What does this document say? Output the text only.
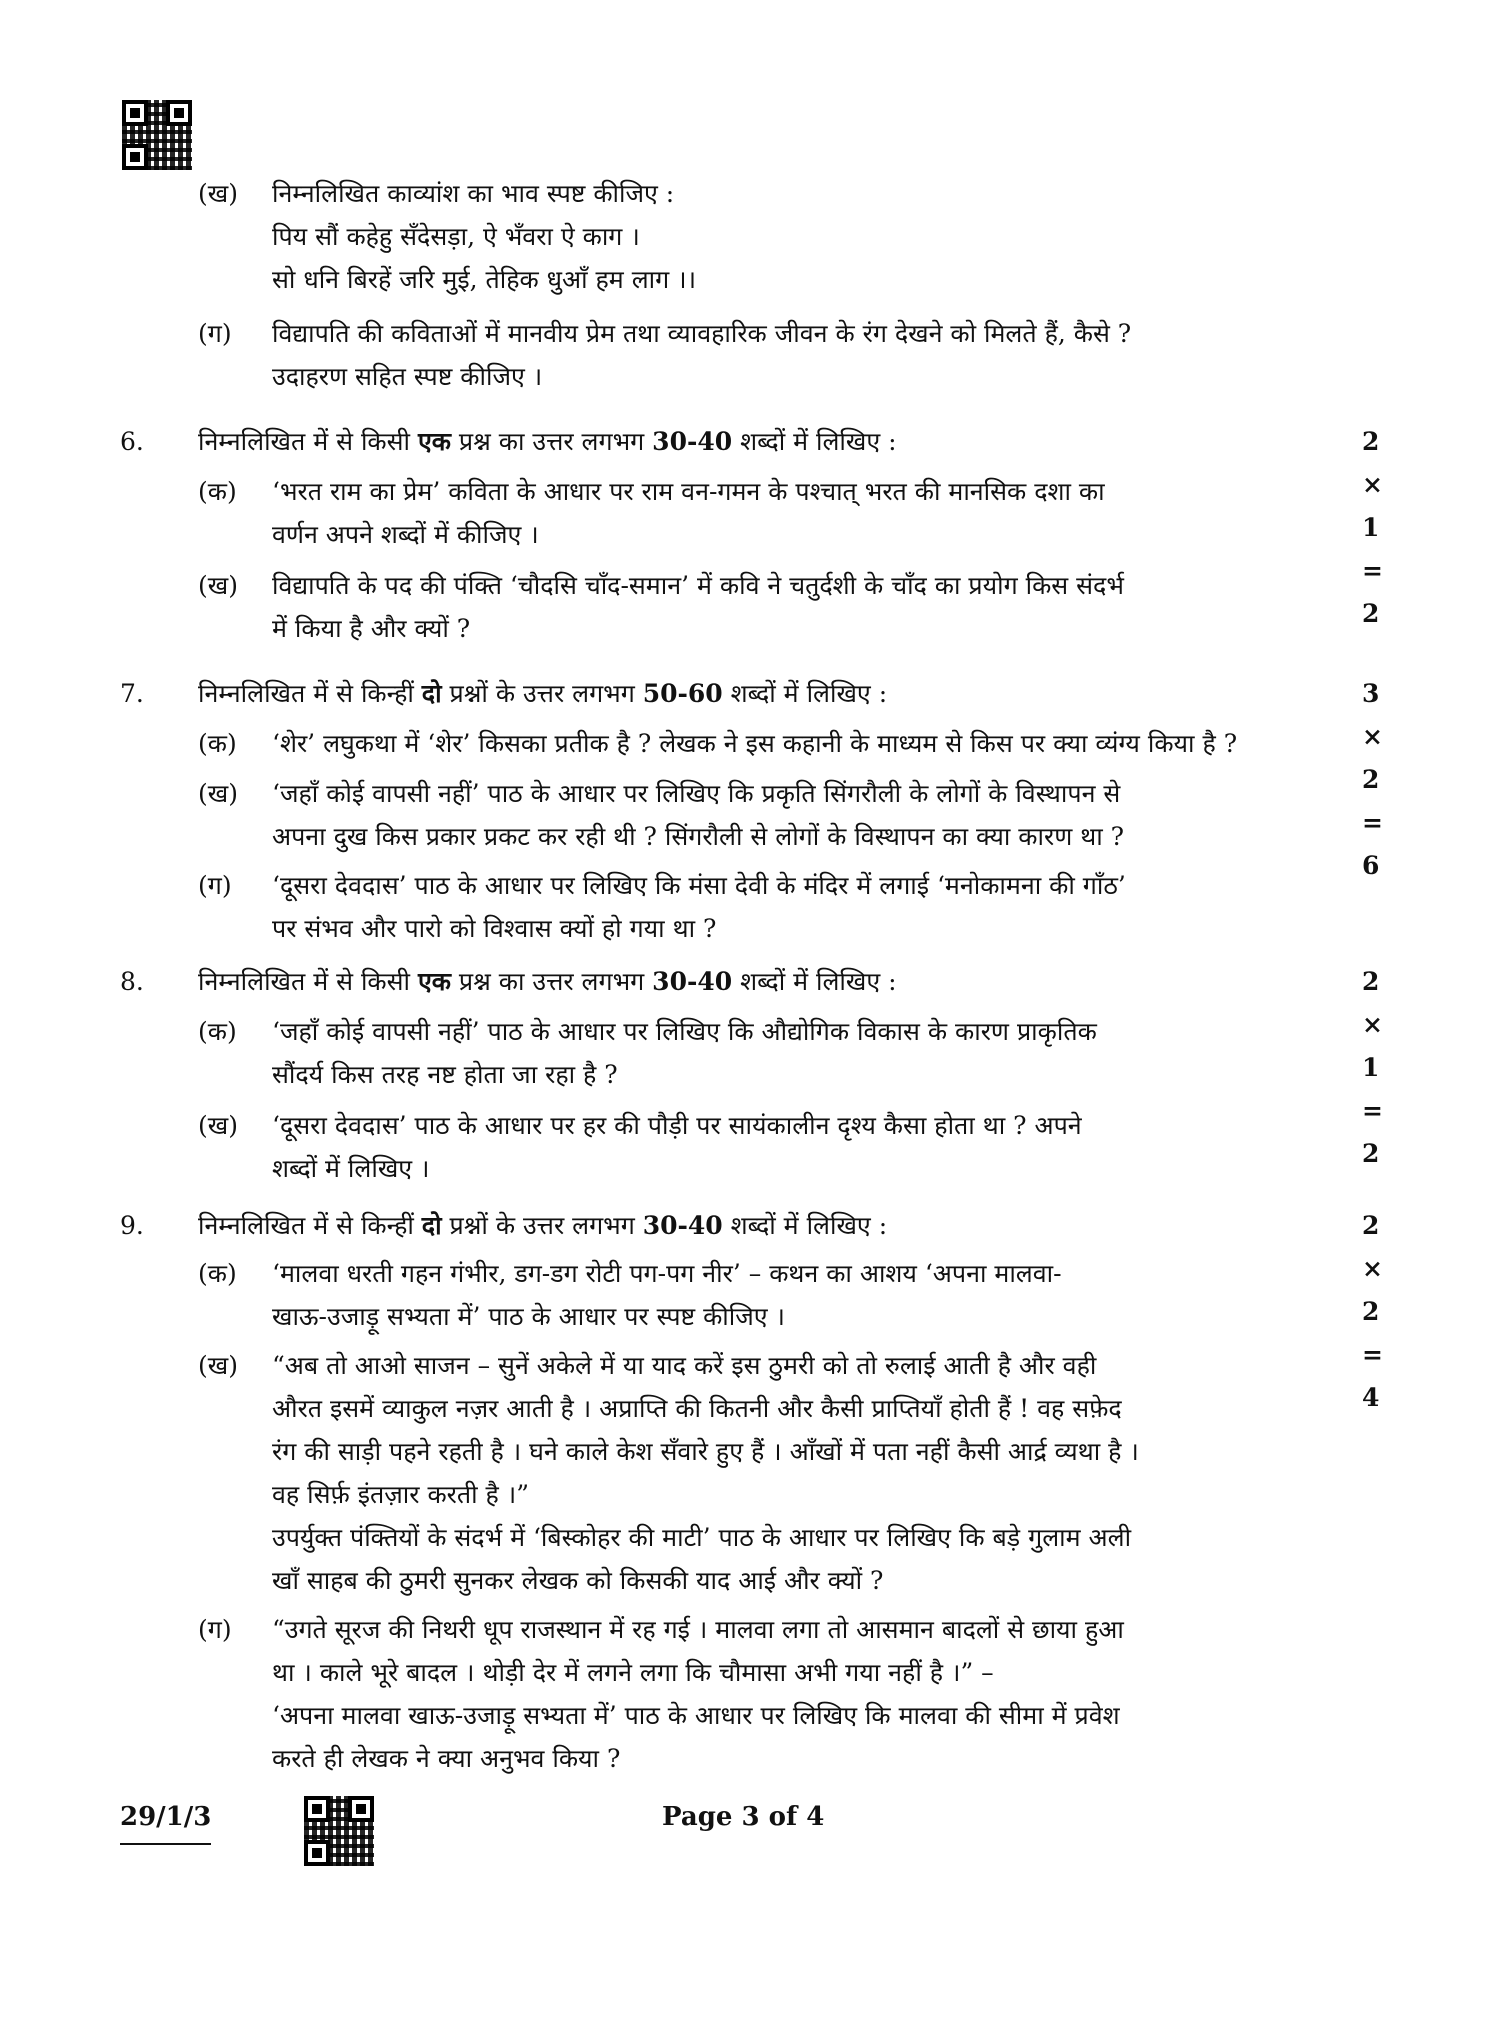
(ख) निम्नलिखित काव्यांश का भाव स्पष्ट कीजिए :
पिय सौं कहेहु सँदेसड़ा, ऐ भँवरा ऐ काग ।
सो धनि बिरहें जरि मुई, तेहिक धुआँ हम लाग ।।
(ग) विद्यापति की कविताओं में मानवीय प्रेम तथा व्यावहारिक जीवन के रंग देखने को मिलते हैं, कैसे ?
उदाहरण सहित स्पष्ट कीजिए ।
6. निम्नलिखित में से किसी एक प्रश्न का उत्तर लगभग 30-40 शब्दों में लिखिए :	2 × 1 = 2
(क) ‘भरत राम का प्रेम’ कविता के आधार पर राम वन-गमन के पश्चात् भरत की मानसिक दशा का
वर्णन अपने शब्दों में कीजिए ।
(ख) विद्यापति के पद की पंक्ति ‘चौदसि चाँद-समान’ में कवि ने चतुर्दशी के चाँद का प्रयोग किस संदर्भ
में किया है और क्यों ?
7. निम्नलिखित में से किन्हीं दो प्रश्नों के उत्तर लगभग 50-60 शब्दों में लिखिए :	3 × 2 = 6
(क) ‘शेर’ लघुकथा में ‘शेर’ किसका प्रतीक है ? लेखक ने इस कहानी के माध्यम से किस पर क्या व्यंग्य किया है ?
(ख) ‘जहाँ कोई वापसी नहीं’ पाठ के आधार पर लिखिए कि प्रकृति सिंगरौली के लोगों के विस्थापन से
अपना दुख किस प्रकार प्रकट कर रही थी ? सिंगरौली से लोगों के विस्थापन का क्या कारण था ?
(ग) ‘दूसरा देवदास’ पाठ के आधार पर लिखिए कि मंसा देवी के मंदिर में लगाई ‘मनोकामना की गाँठ’
पर संभव और पारो को विश्वास क्यों हो गया था ?
8. निम्नलिखित में से किसी एक प्रश्न का उत्तर लगभग 30-40 शब्दों में लिखिए :	2 × 1 = 2
(क) ‘जहाँ कोई वापसी नहीं’ पाठ के आधार पर लिखिए कि औद्योगिक विकास के कारण प्राकृतिक
सौंदर्य किस तरह नष्ट होता जा रहा है ?
(ख) ‘दूसरा देवदास’ पाठ के आधार पर हर की पौड़ी पर सायंकालीन दृश्य कैसा होता था ? अपने
शब्दों में लिखिए ।
9. निम्नलिखित में से किन्हीं दो प्रश्नों के उत्तर लगभग 30-40 शब्दों में लिखिए :	2 × 2 = 4
(क) ‘मालवा धरती गहन गंभीर, डग-डग रोटी पग-पग नीर’ – कथन का आशय ‘अपना मालवा-
खाऊ-उजाड़ू सभ्यता में’ पाठ के आधार पर स्पष्ट कीजिए ।
(ख) “अब तो आओ साजन – सुनें अकेले में या याद करें इस ठुमरी को तो रुलाई आती है और वही
औरत इसमें व्याकुल नज़र आती है । अप्राप्ति की कितनी और कैसी प्राप्तियाँ होती हैं ! वह सफ़ेद
रंग की साड़ी पहने रहती है । घने काले केश सँवारे हुए हैं । आँखों में पता नहीं कैसी आर्द्र व्यथा है ।
वह सिर्फ़ इंतज़ार करती है ।”
उपर्युक्त पंक्तियों के संदर्भ में ‘बिस्कोहर की माटी’ पाठ के आधार पर लिखिए कि बड़े गुलाम अली
खाँ साहब की ठुमरी सुनकर लेखक को किसकी याद आई और क्यों ?
(ग) “उगते सूरज की निथरी धूप राजस्थान में रह गई । मालवा लगा तो आसमान बादलों से छाया हुआ
था । काले भूरे बादल । थोड़ी देर में लगने लगा कि चौमासा अभी गया नहीं है ।” –
‘अपना मालवा खाऊ-उजाड़ू सभ्यता में’ पाठ के आधार पर लिखिए कि मालवा की सीमा में प्रवेश
करते ही लेखक ने क्या अनुभव किया ?
29/1/3	Page 3 of 4
